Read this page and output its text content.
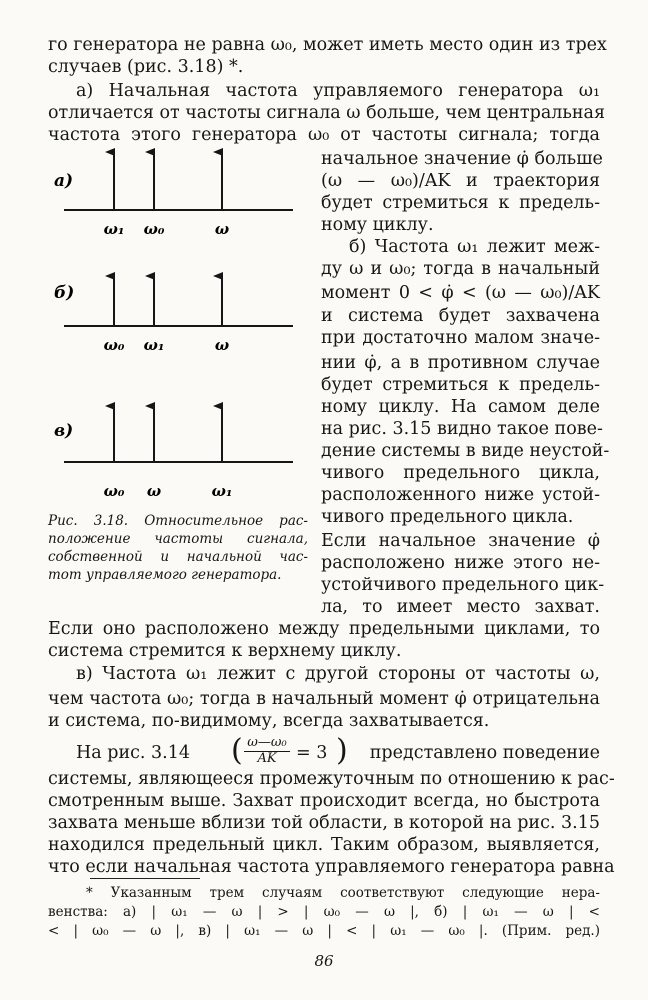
го генератора не равна ω₀, может иметь место один из трех
случаев (рис. 3.18) *.
а) Начальная частота управляемого генератора ω₁
отличается от частоты сигнала ω больше, чем центральная
частота этого генератора ω₀ от частоты сигнала; тогда
а)
ω₁ ω₀	ω
б)
ω₀ ω₁	ω
в)
ω₀ ω	ω₁
Рис. 3.18. Относительное рас-
положение частоты сигнала,
собственной и начальной час-
тот управляемого генератора.
начальное значение φ̇ больше
(ω — ω₀)/AK и траектория
будет стремиться к предель-
ному циклу.
б) Частота ω₁ лежит меж-
ду ω и ω₀; тогда в начальный
момент 0 < φ̇ < (ω — ω₀)/AK
и система будет захвачена
при достаточно малом значе-
нии φ̇, а в противном случае
будет стремиться к предель-
ному циклу. На самом деле
на рис. 3.15 видно такое пове-
дение системы в виде неустой-
чивого предельного цикла,
расположенного ниже устой-
чивого предельного цикла.
Если начальное значение φ̇
расположено ниже этого не-
устойчивого предельного цик-
ла, то имеет место захват.
Если оно расположено между предельными циклами, то
система стремится к верхнему циклу.
в) Частота ω₁ лежит с другой стороны от частоты ω,
чем частота ω₀; тогда в начальный момент φ̇ отрицательна
и система, по-видимому, всегда захватывается.
На рис. 3.14 ( $\frac{\text{ω—ω₀}}{AK} = 3$ )	представлено поведение
системы, являющееся промежуточным по отношению к рас-
смотренным выше. Захват происходит всегда, но быстрота
захвата меньше вблизи той области, в которой на рис. 3.15
находился предельный цикл. Таким образом, выявляется,
что если начальная частота управляемого генератора равна
* Указанным трем случаям соответствуют следующие нера-
венства: а) | ω₁ — ω | > | ω₀ — ω |, б) | ω₁ — ω | <
< | ω₀ — ω |, в) | ω₁ — ω | < | ω₁ — ω₀ |. (Прим. ред.)
86
